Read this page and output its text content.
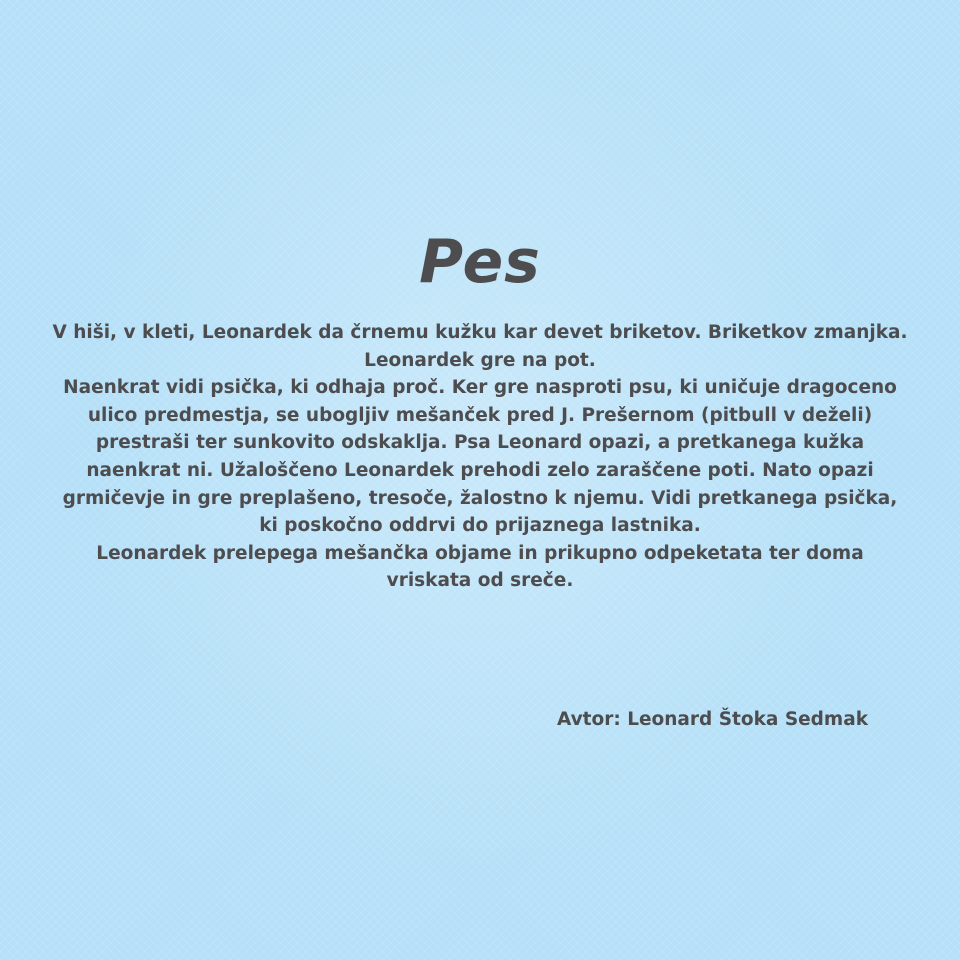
Pes
V hiši, v kleti, Leonardek da črnemu kužku kar devet briketov. Briketkov zmanjka.
Leonardek gre na pot.
Naenkrat vidi psička, ki odhaja proč. Ker gre nasproti psu, ki uničuje dragoceno
ulico predmestja, se ubogljiv mešanček pred J. Prešernom (pitbull v deželi)
prestraši ter sunkovito odskaklja. Psa Leonard opazi, a pretkanega kužka
naenkrat ni. Užaloščeno Leonardek prehodi zelo zaraščene poti. Nato opazi
grmičevje in gre preplašeno, tresoče, žalostno k njemu. Vidi pretkanega psička,
ki poskočno oddrvi do prijaznega lastnika.
Leonardek prelepega mešančka objame in prikupno odpeketata ter doma
vriskata od sreče.
Avtor: Leonard Štoka Sedmak
